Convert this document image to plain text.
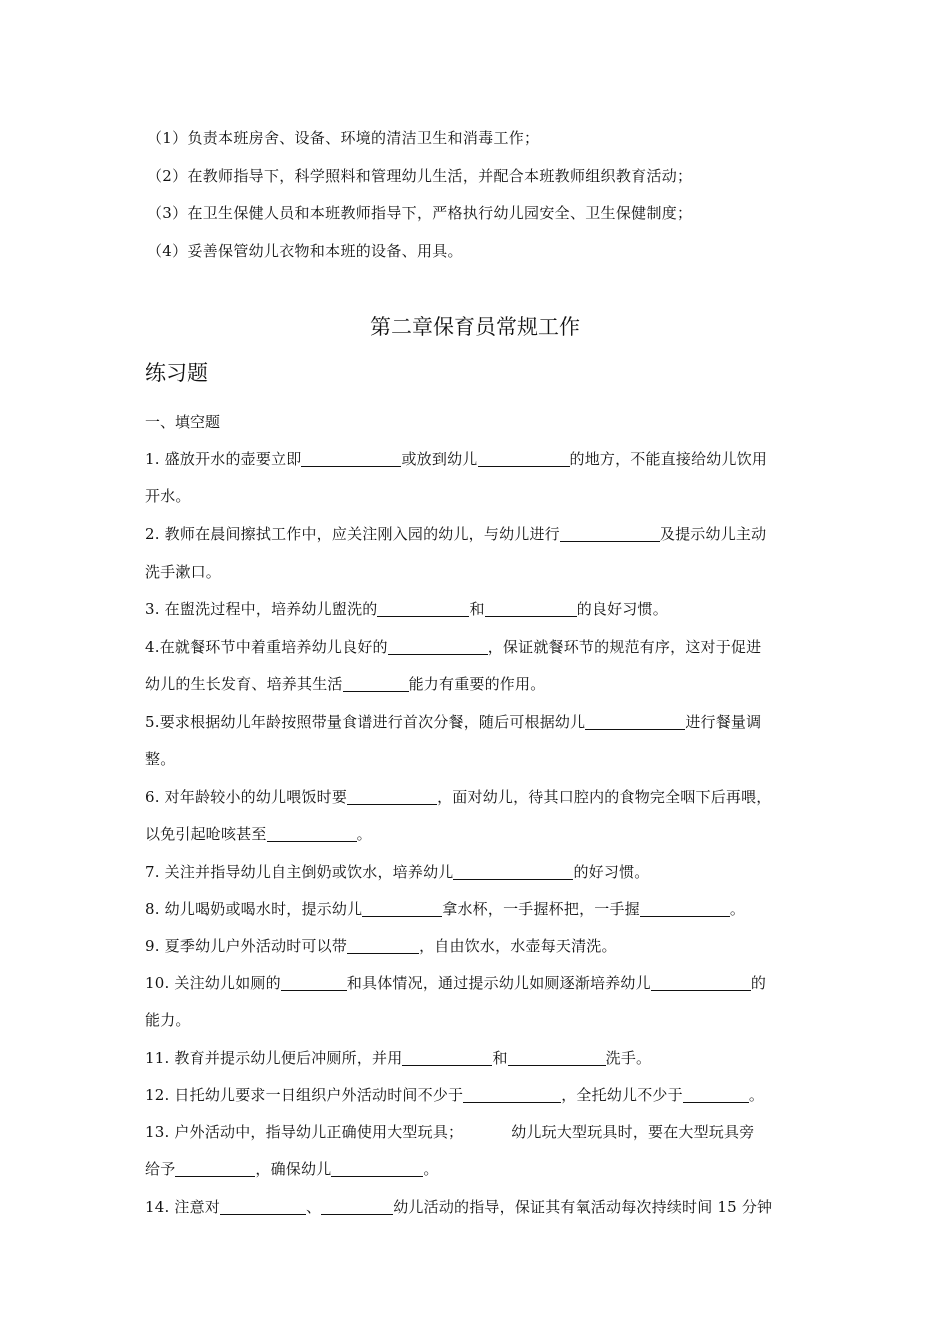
（1）负责本班房舍、设备、环境的清洁卫生和消毒工作；
（2）在教师指导下，科学照料和管理幼儿生活，并配合本班教师组织教育活动；
（3）在卫生保健人员和本班教师指导下，严格执行幼儿园安全、卫生保健制度；
（4）妥善保管幼儿衣物和本班的设备、用具。
第二章保育员常规工作
练习题
一、填空题
1. 盛放开水的壶要立即	或放到幼儿	的地方，不能直接给幼儿饮用
开水。
2. 教师在晨间擦拭工作中，应关注刚入园的幼儿，与幼儿进行	及提示幼儿主动
洗手漱口。
3. 在盥洗过程中，培养幼儿盥洗的	和	的良好习惯。
4.在就餐环节中着重培养幼儿良好的	，保证就餐环节的规范有序，这对于促进
幼儿的生长发育、培养其生活	能力有重要的作用。
5.要求根据幼儿年龄按照带量食谱进行首次分餐，随后可根据幼儿	进行餐量调
整。
6. 对年龄较小的幼儿喂饭时要	，面对幼儿，待其口腔内的食物完全咽下后再喂，
以免引起呛咳甚至	。
7. 关注并指导幼儿自主倒奶或饮水，培养幼儿	的好习惯。
8. 幼儿喝奶或喝水时，提示幼儿	拿水杯，一手握杯把，一手握	。
9. 夏季幼儿户外活动时可以带	，自由饮水，水壶每天清洗。
10. 关注幼儿如厕的	和具体情况，通过提示幼儿如厕逐渐培养幼儿	的
能力。
11. 教育并提示幼儿便后冲厕所，并用	和	洗手。
12. 日托幼儿要求一日组织户外活动时间不少于	，全托幼儿不少于	。
13. 户外活动中，指导幼儿正确使用大型玩具；	幼儿玩大型玩具时，要在大型玩具旁
给予	，确保幼儿	。
14. 注意对	、	幼儿活动的指导，保证其有氧活动每次持续时间 15 分钟
